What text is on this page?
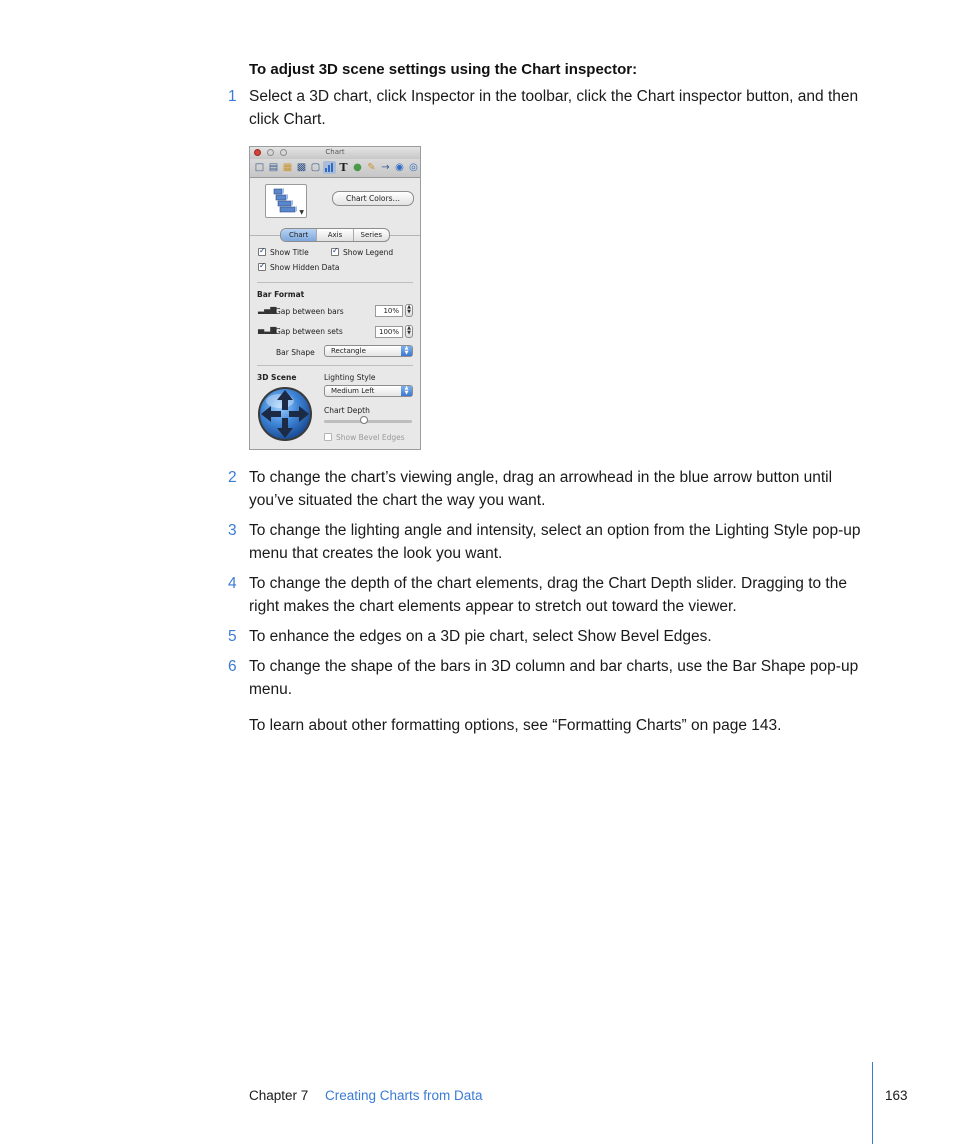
To adjust 3D scene settings using the Chart inspector:
1 Select a 3D chart, click Inspector in the toolbar, click the Chart inspector button, and then click Chart.
Chart
□ ▤ ▦ ▩ ▢ T ● ✎ → ◉ ◎
▼
Chart Colors…
Chart	Axis	Series
✓
Show Title
✓	Show Legend
✓
Show Hidden Data
Bar Format
▂▄▆
Gap between bars	10%	▲
▼
▄▂▆
Gap between sets	100%	▲
▼
Bar Shape	Rectangle	▲
▼
3D Scene	Lighting Style
Medium Left	▲
▼
Chart Depth
Show Bevel Edges
2 To change the chart’s viewing angle, drag an arrowhead in the blue arrow button until you’ve situated the chart the way you want.
3 To change the lighting angle and intensity, select an option from the Lighting Style pop-up menu that creates the look you want.
4 To change the depth of the chart elements, drag the Chart Depth slider. Dragging to the right makes the chart elements appear to stretch out toward the viewer.
5 To enhance the edges on a 3D pie chart, select Show Bevel Edges.
6 To change the shape of the bars in 3D column and bar charts, use the Bar Shape pop-up menu.
To learn about other formatting options, see “Formatting Charts” on page 143.
Chapter 7 Creating Charts from Data	163
